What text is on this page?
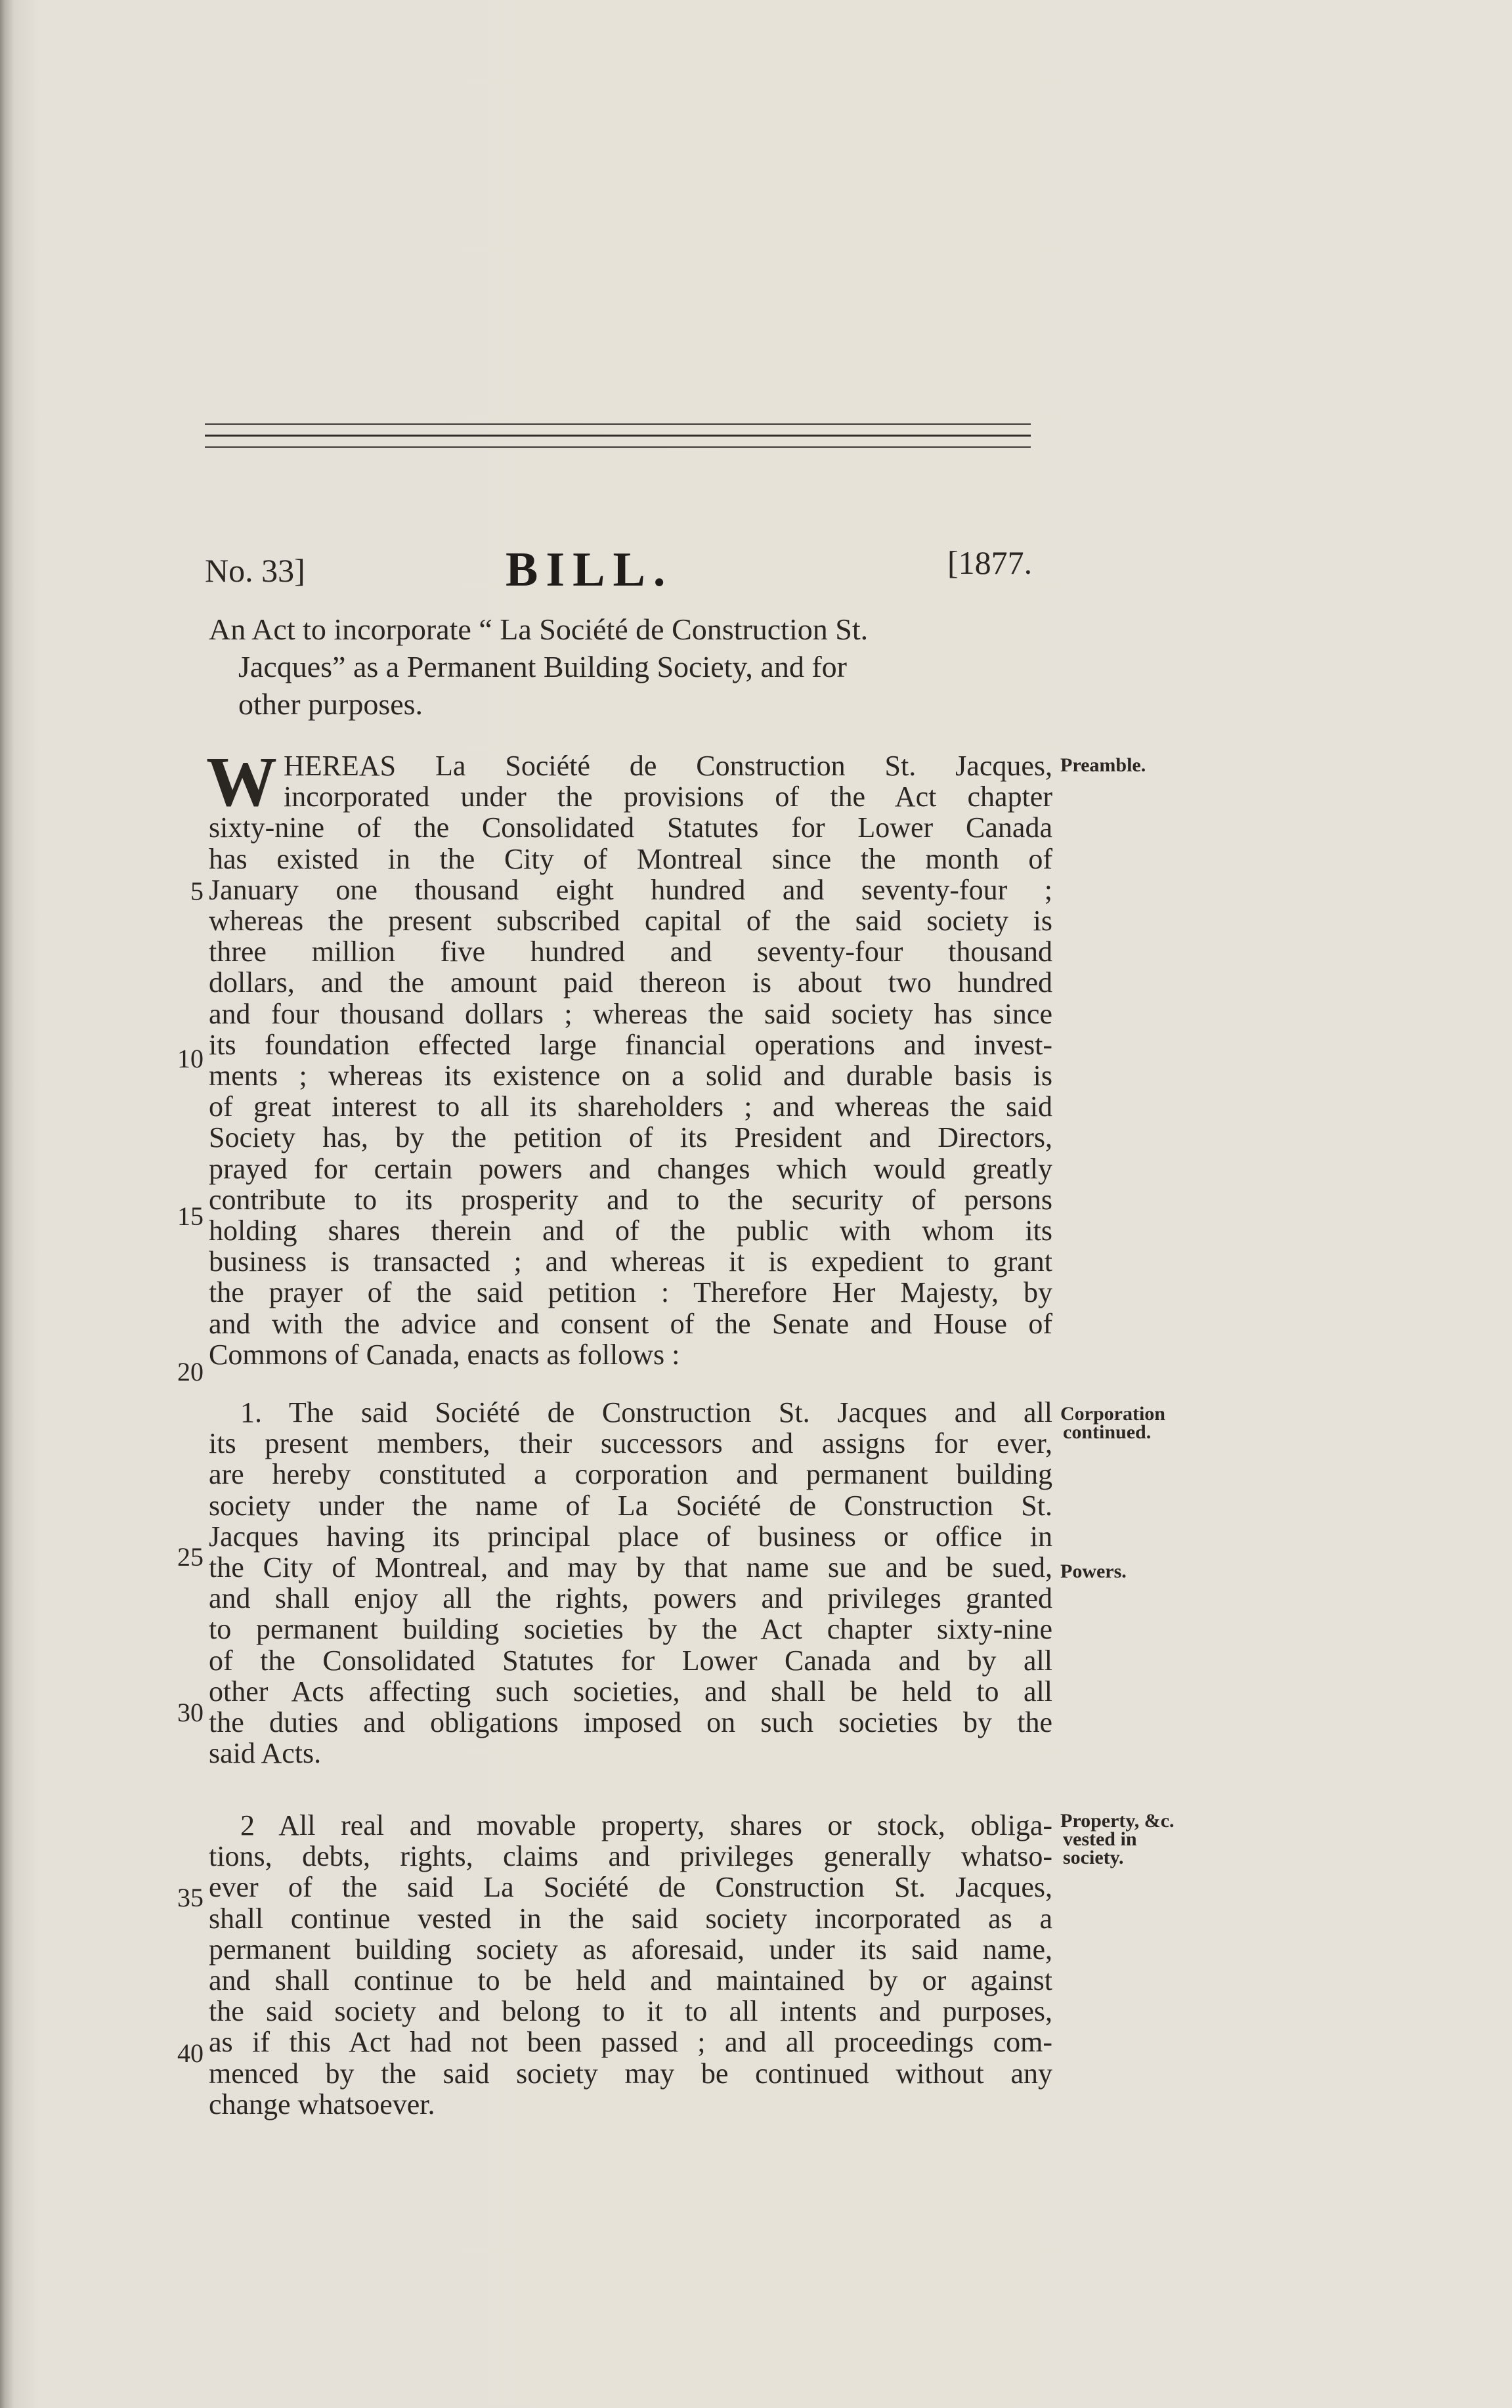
No. 33]	BILL.	[1877.
An Act to incorporate “ La Société de Construction St.
Jacques” as a Permanent Building Society, and for
other purposes.
W HEREAS La Société de Construction St. Jacques,
incorporated under the provisions of the Act chapter
sixty-nine of the Consolidated Statutes for Lower Canada
has existed in the City of Montreal since the month of
January one thousand eight hundred and seventy-four ;
whereas the present subscribed capital of the said society is
three million five hundred and seventy-four thousand
dollars, and the amount paid thereon is about two hundred
and four thousand dollars ; whereas the said society has since
its foundation effected large financial operations and invest-
ments ; whereas its existence on a solid and durable basis is
of great interest to all its shareholders ; and whereas the said
Society has, by the petition of its President and Directors,
prayed for certain powers and changes which would greatly
contribute to its prosperity and to the security of persons
holding shares therein and of the public with whom its
business is transacted ; and whereas it is expedient to grant
the prayer of the said petition : Therefore Her Majesty, by
and with the advice and consent of the Senate and House of
Commons of Canada, enacts as follows :
1. The said Société de Construction St. Jacques and all
its present members, their successors and assigns for ever,
are hereby constituted a corporation and permanent building
society under the name of La Société de Construction St.
Jacques having its principal place of business or office in
the City of Montreal, and may by that name sue and be sued,
and shall enjoy all the rights, powers and privileges granted
to permanent building societies by the Act chapter sixty-nine
of the Consolidated Statutes for Lower Canada and by all
other Acts affecting such societies, and shall be held to all
the duties and obligations imposed on such societies by the
said Acts.
2 All real and movable property, shares or stock, obliga-
tions, debts, rights, claims and privileges generally whatso-
ever of the said La Société de Construction St. Jacques,
shall continue vested in the said society incorporated as a
permanent building society as aforesaid, under its said name,
and shall continue to be held and maintained by or against
the said society and belong to it to all intents and purposes,
as if this Act had not been passed ; and all proceedings com-
menced by the said society may be continued without any
change whatsoever.
5
10
15
20
25
30
35
40
Preamble.
Corporation
continued.
Powers.
Property, &c.
vested in
society.
